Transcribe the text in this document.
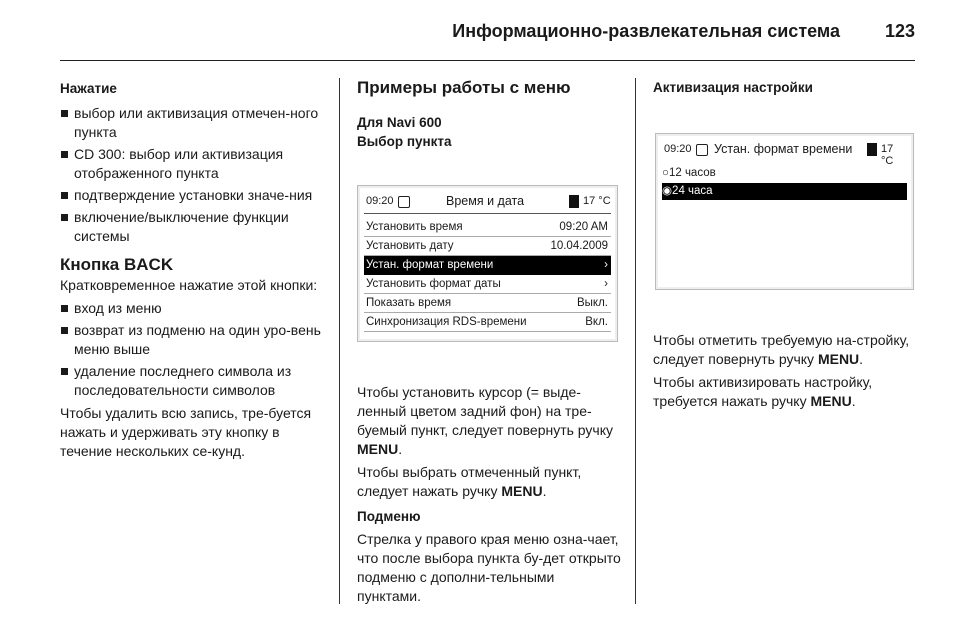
Информационно-развлекательная система	123
Нажатие
выбор или активизация отмечен-ного пункта
CD 300: выбор или активизация отображенного пункта
подтверждение установки значе-ния
включение/выключение функции системы
Кнопка BACK

Кратковременное нажатие этой кнопки:

вход из меню
возврат из подменю на один уро-вень меню выше
удаление последнего символа из последовательности символов

Чтобы удалить всю запись, тре-буется нажать и удерживать эту кнопку в течение нескольких се-кунд.

Примеры работы с меню
Для Navi 600
Выбор пункта
09:20	Время и дата	17 °C
Установить время	09:20 AM
Установить дату	10.04.2009
Устан. формат времени	›
Установить формат даты	›
Показать время	Выкл.
Синхронизация RDS-времени	Вкл.

Чтобы установить курсор (= выде-ленный цветом задний фон) на тре-буемый пункт, следует повернуть ручку MENU.

Чтобы выбрать отмеченный пункт, следует нажать ручку MENU.

Подменю

Стрелка у правого края меню озна-чает, что после выбора пункта бу-дет открыто подменю с дополни-тельными пунктами.

Активизация настройки
09:20 Устан. формат времени	17 °C
○12 часов
◉24 часа

Чтобы отметить требуемую на-стройку, следует повернуть ручку MENU.

Чтобы активизировать настройку, требуется нажать ручку MENU.
